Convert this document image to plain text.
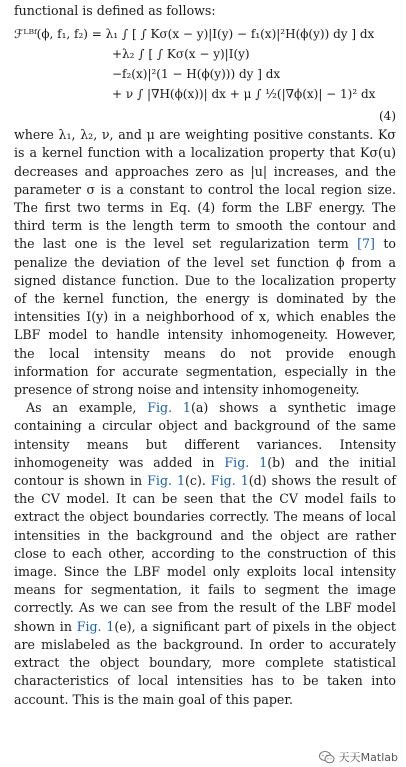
functional is defined as follows:
ℱᴸᴮᶠ(ϕ, f₁, f₂) = λ₁ ∫ [ ∫ Kσ(x − y)|I(y) − f₁(x)|²H(ϕ(y)) dy ] dx
+λ₂ ∫ [ ∫ Kσ(x − y)|I(y)
−f₂(x)|²(1 − H(ϕ(y))) dy ] dx
+ ν ∫ |∇H(ϕ(x))| dx + μ ∫ ½(|∇ϕ(x)| − 1)² dx
(4)

where λ₁, λ₂, ν, and μ are weighting positive constants. Kσ is a kernel function with a localization property that Kσ(u) decreases and approaches zero as |u| increases, and the parameter σ is a constant to control the local region size. The first two terms in Eq. (4) form the LBF energy. The third term is the length term to smooth the contour and the last one is the level set regularization term [7] to penalize the deviation of the level set function ϕ from a signed distance function. Due to the localization property of the kernel function, the energy is dominated by the intensities I(y) in a neighborhood of x, which enables the LBF model to handle intensity inhomogeneity. However, the local intensity means do not provide enough information for accurate segmentation, especially in the presence of strong noise and intensity inhomogeneity.

As an example, Fig. 1(a) shows a synthetic image containing a circular object and background of the same intensity means but different variances. Intensity inhomogeneity was added in Fig. 1(b) and the initial contour is shown in Fig. 1(c). Fig. 1(d) shows the result of the CV model. It can be seen that the CV model fails to extract the object boundaries correctly. The means of local intensities in the background and the object are rather close to each other, according to the construction of this image. Since the LBF model only exploits local intensity means for segmentation, it fails to segment the image correctly. As we can see from the result of the LBF model shown in Fig. 1(e), a significant part of pixels in the object are mislabeled as the background. In order to accurately extract the object boundary, more complete statistical characteristics of local intensities has to be taken into account. This is the main goal of this paper.

天天Matlab
